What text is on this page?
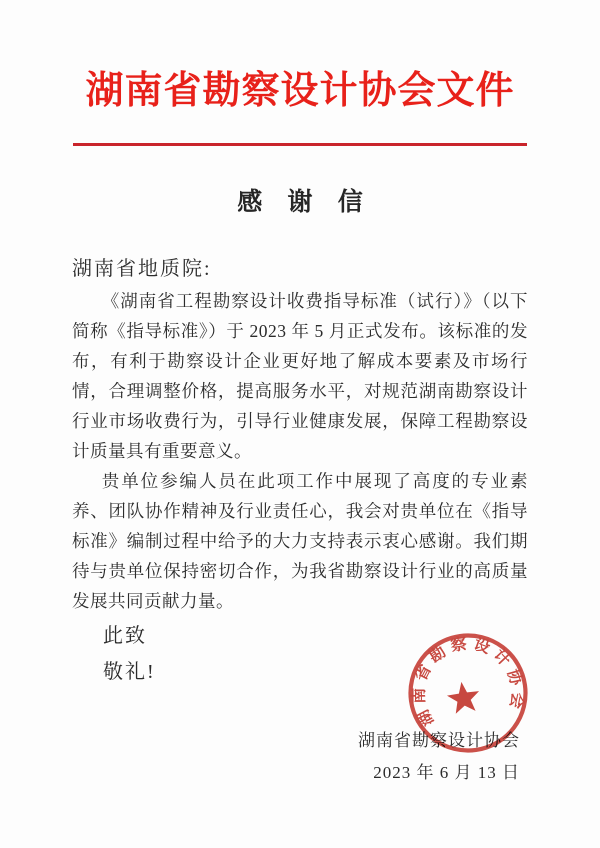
湖南省勘察设计协会文件
感 谢 信

湖南省地质院:

《湖南省工程勘察设计收费指导标准（试行）》（以下简称《指导标准》）于 2023 年 5 月正式发布。该标准的发布，有利于勘察设计企业更好地了解成本要素及市场行情，合理调整价格，提高服务水平，对规范湖南勘察设计行业市场收费行为，引导行业健康发展，保障工程勘察设计质量具有重要意义。

贵单位参编人员在此项工作中展现了高度的专业素养、团队协作精神及行业责任心，我会对贵单位在《指导标准》编制过程中给予的大力支持表示衷心感谢。我们期待与贵单位保持密切合作，为我省勘察设计行业的高质量发展共同贡献力量。

此致

敬礼!

湖南省勘察设计协会

2023 年 6 月 13 日

湖南省勘察设计协会
